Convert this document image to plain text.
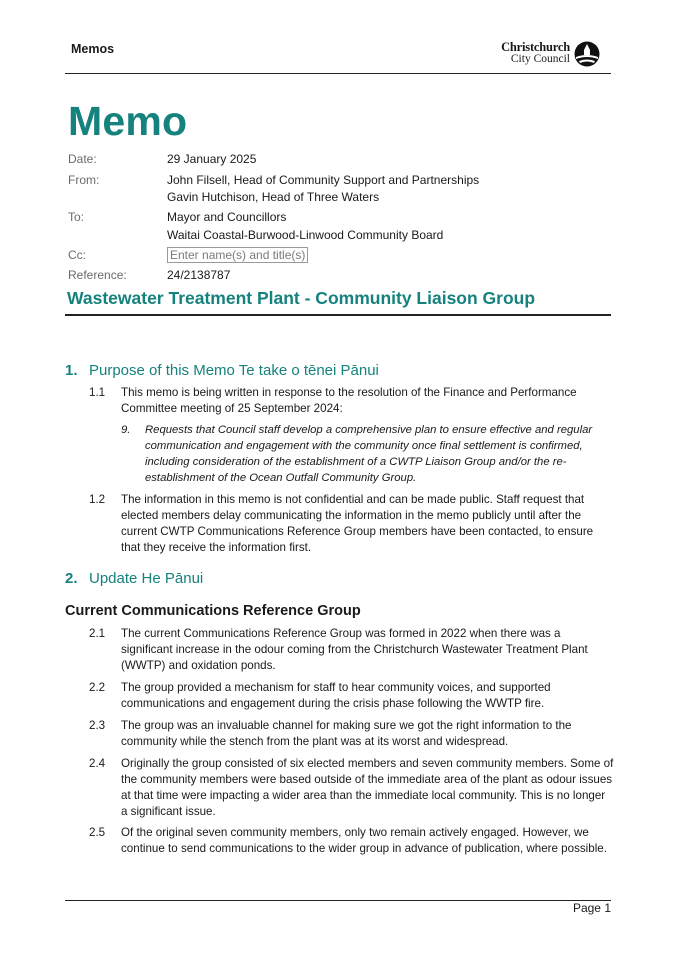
Memos	Christchurch
City Council
Memo
Date:	29 January 2025
From:	John Filsell, Head of Community Support and Partnerships
Gavin Hutchison, Head of Three Waters
To:	Mayor and Councillors
Waitai Coastal-Burwood-Linwood Community Board
Cc:	Enter name(s) and title(s)
Reference:	24/2138787
Wastewater Treatment Plant - Community Liaison Group
1. Purpose of this Memo Te take o tēnei Pānui
1.1 This memo is being written in response to the resolution of the Finance and Performance Committee meeting of 25 September 2024:
9. Requests that Council staff develop a comprehensive plan to ensure effective and regular communication and engagement with the community once final settlement is confirmed, including consideration of the establishment of a CWTP Liaison Group and/or the re-establishment of the Ocean Outfall Community Group.
1.2 The information in this memo is not confidential and can be made public. Staff request that elected members delay communicating the information in the memo publicly until after the current CWTP Communications Reference Group members have been contacted, to ensure that they receive the information first.
2. Update He Pānui
Current Communications Reference Group
2.1 The current Communications Reference Group was formed in 2022 when there was a significant increase in the odour coming from the Christchurch Wastewater Treatment Plant (WWTP) and oxidation ponds.
2.2 The group provided a mechanism for staff to hear community voices, and supported communications and engagement during the crisis phase following the WWTP fire.
2.3 The group was an invaluable channel for making sure we got the right information to the community while the stench from the plant was at its worst and widespread.
2.4 Originally the group consisted of six elected members and seven community members. Some of the community members were based outside of the immediate area of the plant as odour issues at that time were impacting a wider area than the immediate local community. This is no longer a significant issue.
2.5 Of the original seven community members, only two remain actively engaged. However, we continue to send communications to the wider group in advance of publication, where possible.
Page 1
